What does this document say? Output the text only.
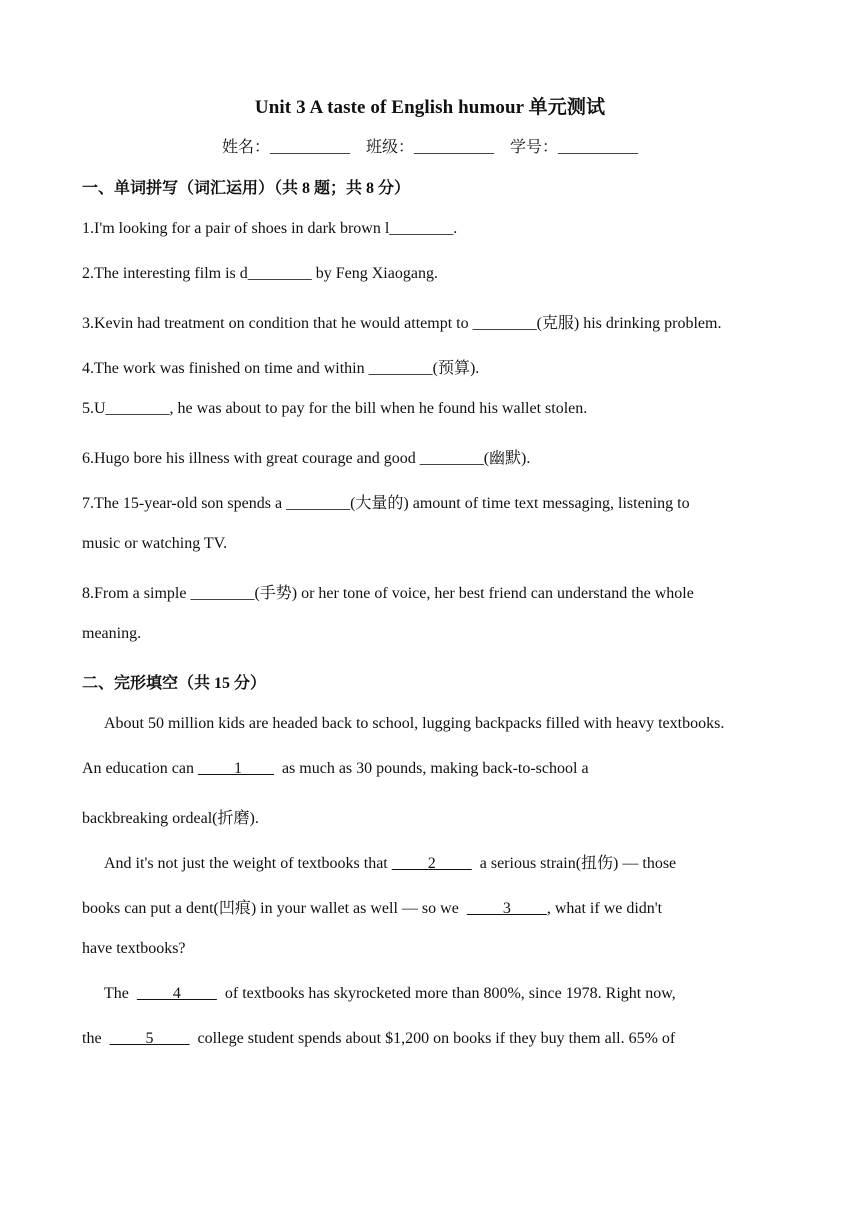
Unit 3 A taste of English humour 单元测试
姓名：__________    班级：__________    学号：__________
一、单词拼写（词汇运用）（共 8 题；共 8 分）
1.I'm looking for a pair of shoes in dark brown l________.
2.The interesting film is d________ by Feng Xiaogang.
3.Kevin had treatment on condition that he would attempt to ________(克服) his drinking problem.
4.The work was finished on time and within ________(预算).
5.U________, he was about to pay for the bill when he found his wallet stolen.
6.Hugo bore his illness with great courage and good ________(幽默).
7.The 15-year-old son spends a ________(大量的) amount of time text messaging, listening to
music or watching TV.
8.From a simple ________(手势) or her tone of voice, her best friend can understand the whole
meaning.
二、完形填空（共 15 分）
About 50 million kids are headed back to school, lugging backpacks filled with heavy textbooks.
An education can          1          as much as 30 pounds, making back-to-school a
backbreaking ordeal(折磨).
And it's not just the weight of textbooks that          2           a serious strain(扭伤) — those
books can put a dent(凹痕) in your wallet as well — so we           3         , what if we didn't
have textbooks?
The           4           of textbooks has skyrocketed more than 800%, since 1978. Right now,
the           5           college student spends about $1,200 on books if they buy them all. 65% of
